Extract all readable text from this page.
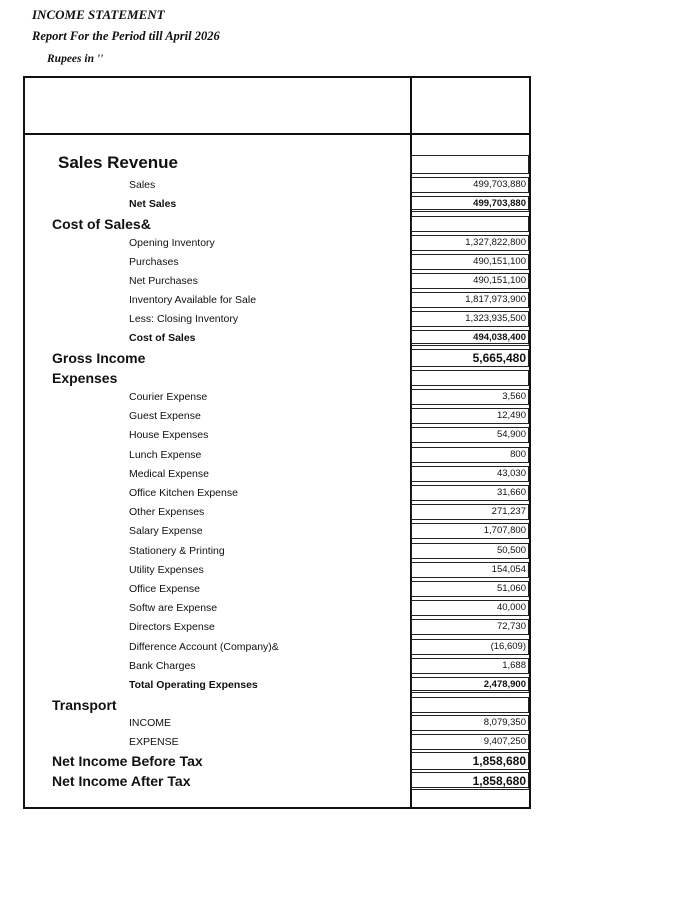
INCOME STATEMENT
Report For the Period till April 2026
Rupees in ''
Sales Revenue
Sales	499,703,880
Net Sales	499,703,880
Cost of Sales&
Opening Inventory	1,327,822,800
Purchases	490,151,100
Net Purchases	490,151,100
Inventory Available for Sale	1,817,973,900
Less: Closing Inventory	1,323,935,500
Cost of Sales	494,038,400
Gross Income	5,665,480
Expenses
Courier Expense	3,560
Guest Expense	12,490
House Expenses	54,900
Lunch Expense	800
Medical Expense	43,030
Office Kitchen Expense	31,660
Other Expenses	271,237
Salary Expense	1,707,800
Stationery & Printing	50,500
Utility Expenses	154,054
Office Expense	51,060
Softw are Expense	40,000
Directors Expense	72,730
Difference Account (Company)&	(16,609)
Bank Charges	1,688
Total Operating Expenses	2,478,900
Transport
INCOME	8,079,350
EXPENSE	9,407,250
Net Income Before Tax	1,858,680
Net Income After Tax	1,858,680
